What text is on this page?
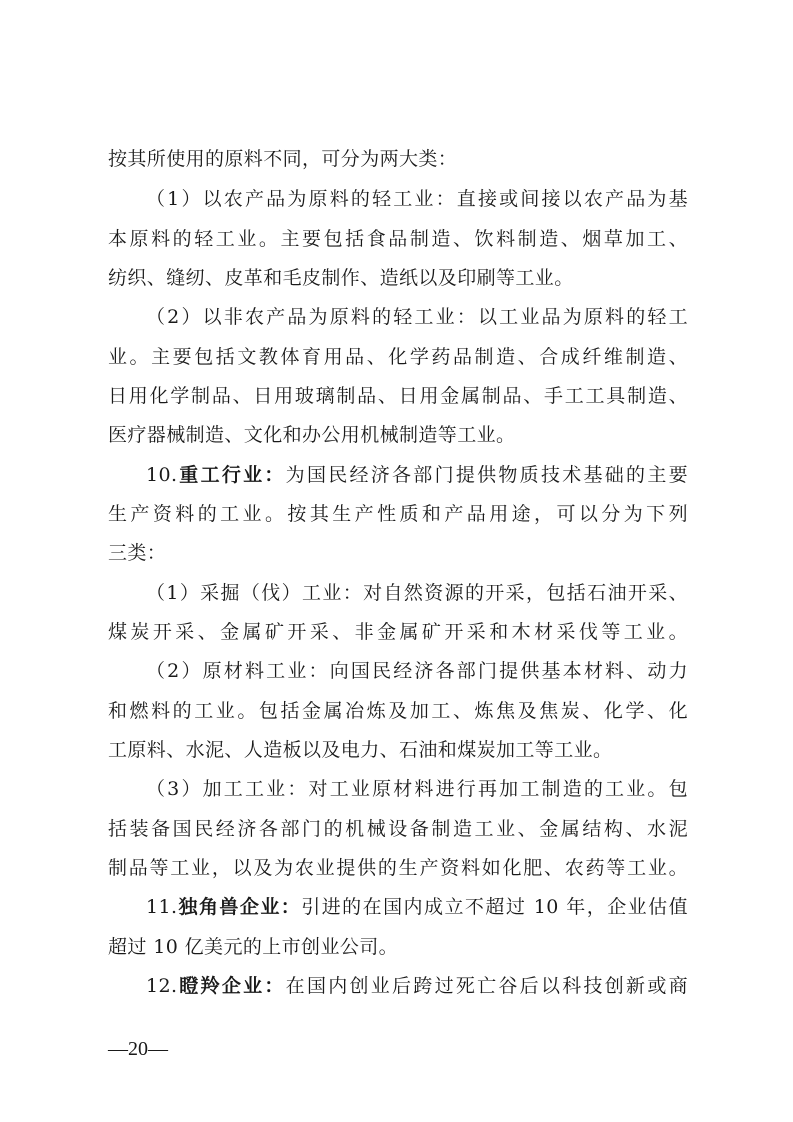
按其所使用的原料不同，可分为两大类：
（1）以农产品为原料的轻工业：直接或间接以农产品为基
本原料的轻工业。主要包括食品制造、饮料制造、烟草加工、
纺织、缝纫、皮革和毛皮制作、造纸以及印刷等工业。
（2）以非农产品为原料的轻工业：以工业品为原料的轻工
业。主要包括文教体育用品、化学药品制造、合成纤维制造、
日用化学制品、日用玻璃制品、日用金属制品、手工工具制造、
医疗器械制造、文化和办公用机械制造等工业。
10.重工行业：为国民经济各部门提供物质技术基础的主要
生产资料的工业。按其生产性质和产品用途，可以分为下列
三类：
（1）采掘（伐）工业：对自然资源的开采，包括石油开采、
煤炭开采、金属矿开采、非金属矿开采和木材采伐等工业。
（2）原材料工业：向国民经济各部门提供基本材料、动力
和燃料的工业。包括金属冶炼及加工、炼焦及焦炭、化学、化
工原料、水泥、人造板以及电力、石油和煤炭加工等工业。
（3）加工工业：对工业原材料进行再加工制造的工业。包
括装备国民经济各部门的机械设备制造工业、金属结构、水泥
制品等工业，以及为农业提供的生产资料如化肥、农药等工业。
11.独角兽企业：引进的在国内成立不超过 10 年，企业估值
超过 10 亿美元的上市创业公司。
12.瞪羚企业：在国内创业后跨过死亡谷后以科技创新或商
—20—
